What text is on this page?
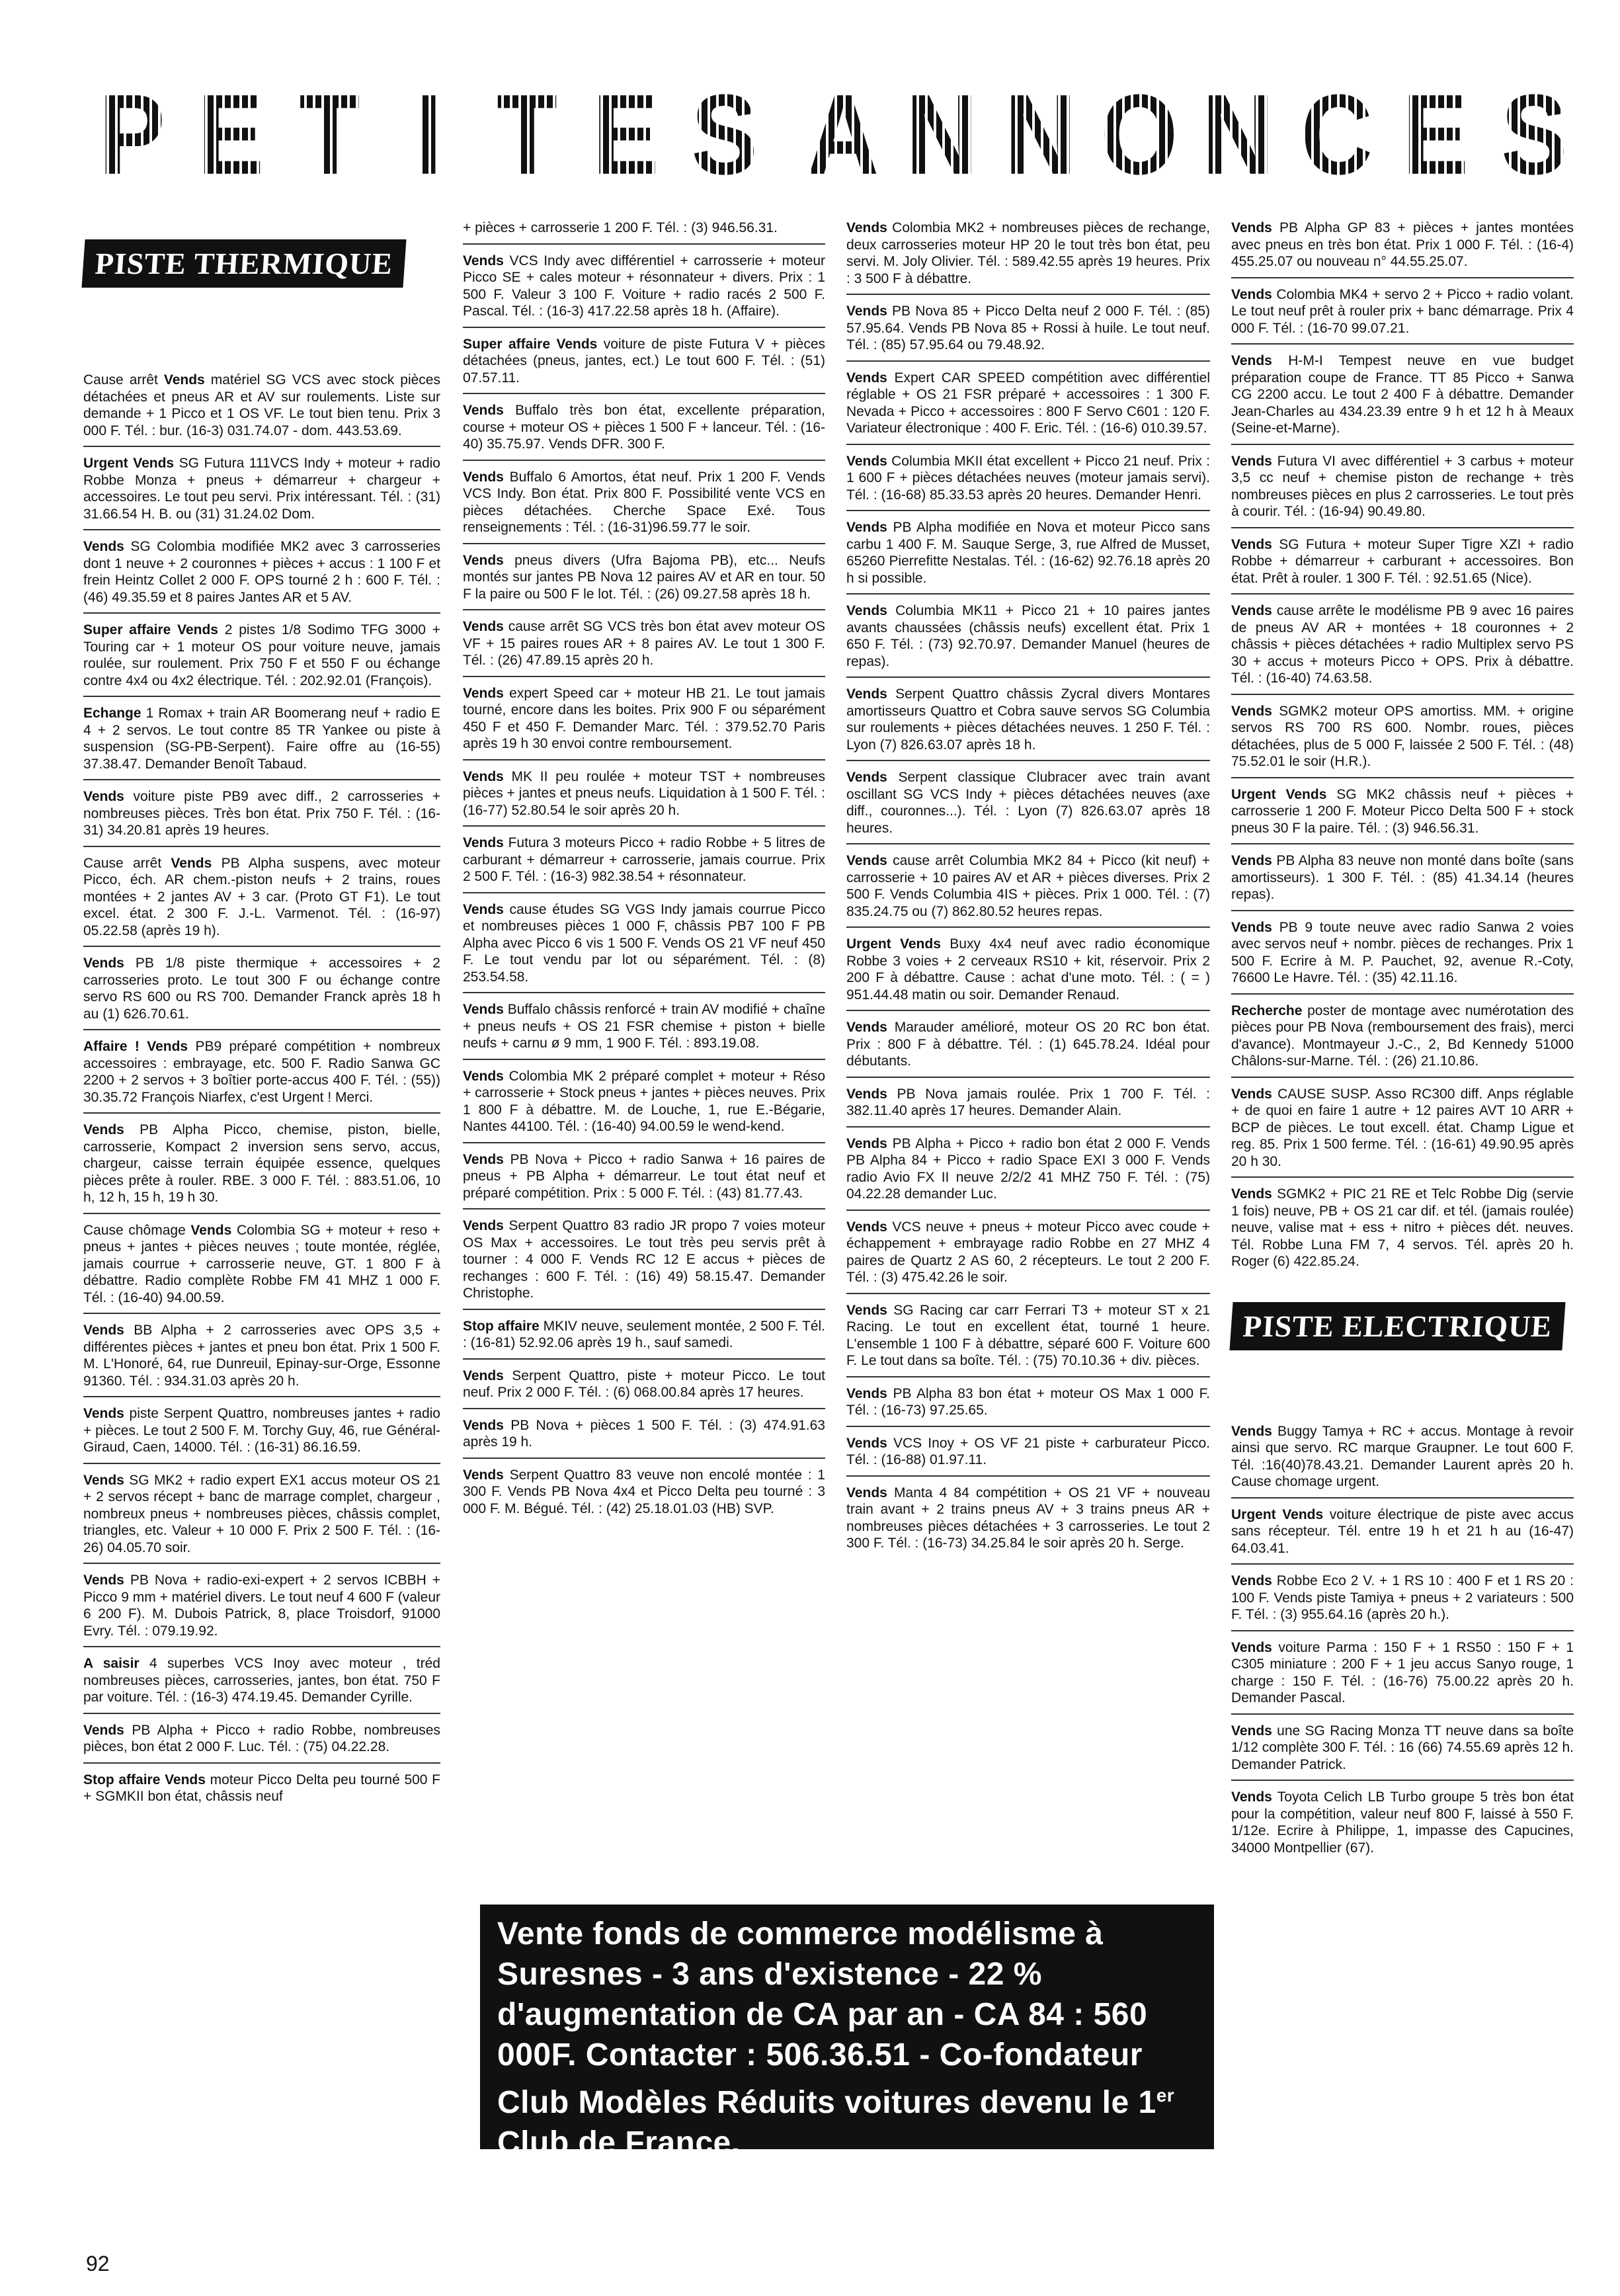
P E T I T E S A N N O N C E S
PISTE THERMIQUE

Cause arrêt Vends matériel SG VCS avec stock pièces détachées et pneus AR et AV sur roulements. Liste sur demande + 1 Picco et 1 OS VF. Le tout bien tenu. Prix 3 000 F. Tél. : bur. (16-3) 031.74.07 - dom. 443.53.69.

Urgent Vends SG Futura 111VCS Indy + moteur + radio Robbe Monza + pneus + démarreur + chargeur + accessoires. Le tout peu servi. Prix intéressant. Tél. : (31) 31.66.54 H. B. ou (31) 31.24.02 Dom.

Vends SG Colombia modifiée MK2 avec 3 carrosseries dont 1 neuve + 2 couronnes + pièces + accus : 1 100 F et frein Heintz Collet 2 000 F. OPS tourné 2 h : 600 F. Tél. : (46) 49.35.59 et 8 paires Jantes AR et 5 AV.

Super affaire Vends 2 pistes 1/8 Sodimo TFG 3000 + Touring car + 1 moteur OS pour voiture neuve, jamais roulée, sur roulement. Prix 750 F et 550 F ou échange contre 4x4 ou 4x2 électrique. Tél. : 202.92.01 (François).

Echange 1 Romax + train AR Boomerang neuf + radio E 4 + 2 servos. Le tout contre 85 TR Yankee ou piste à suspension (SG-PB-Serpent). Faire offre au (16-55) 37.38.47. Demander Benoît Tabaud.

Vends voiture piste PB9 avec diff., 2 carrosseries + nombreuses pièces. Très bon état. Prix 750 F. Tél. : (16-31) 34.20.81 après 19 heures.

Cause arrêt Vends PB Alpha suspens, avec moteur Picco, éch. AR chem.-piston neufs + 2 trains, roues montées + 2 jantes AV + 3 car. (Proto GT F1). Le tout excel. état. 2 300 F. J.-L. Varmenot. Tél. : (16-97) 05.22.58 (après 19 h).

Vends PB 1/8 piste thermique + accessoires + 2 carrosseries proto. Le tout 300 F ou échange contre servo RS 600 ou RS 700. Demander Franck après 18 h au (1) 626.70.61.

Affaire ! Vends PB9 préparé compétition + nombreux accessoires : embrayage, etc. 500 F. Radio Sanwa GC 2200 + 2 servos + 3 boîtier porte-accus 400 F. Tél. : (55)) 30.35.72 François Niarfex, c'est Urgent ! Merci.

Vends PB Alpha Picco, chemise, piston, bielle, carrosserie, Kompact 2 inversion sens servo, accus, chargeur, caisse terrain équipée essence, quelques pièces prête à rouler. RBE. 3 000 F. Tél. : 883.51.06, 10 h, 12 h, 15 h, 19 h 30.

Cause chômage Vends Colombia SG + moteur + reso + pneus + jantes + pièces neuves ; toute montée, réglée, jamais courrue + carrosserie neuve, GT. 1 800 F à débattre. Radio complète Robbe FM 41 MHZ 1 000 F. Tél. : (16-40) 94.00.59.

Vends BB Alpha + 2 carrosseries avec OPS 3,5 + différentes pièces + jantes et pneu bon état. Prix 1 500 F. M. L'Honoré, 64, rue Dunreuil, Epinay-sur-Orge, Essonne 91360. Tél. : 934.31.03 après 20 h.

Vends piste Serpent Quattro, nombreuses jantes + radio + pièces. Le tout 2 500 F. M. Torchy Guy, 46, rue Général-Giraud, Caen, 14000. Tél. : (16-31) 86.16.59.

Vends SG MK2 + radio expert EX1 accus moteur OS 21 + 2 servos récept + banc de marrage complet, chargeur , nombreux pneus + nombreuses pièces, châssis complet, triangles, etc. Valeur + 10 000 F. Prix 2 500 F. Tél. : (16-26) 04.05.70 soir.

Vends PB Nova + radio-exi-expert + 2 servos ICBBH + Picco 9 mm + matériel divers. Le tout neuf 4 600 F (valeur 6 200 F). M. Dubois Patrick, 8, place Troisdorf, 91000 Evry. Tél. : 079.19.92.

A saisir 4 superbes VCS Inoy avec moteur , tréd nombreuses pièces, carrosseries, jantes, bon état. 750 F par voiture. Tél. : (16-3) 474.19.45. Demander Cyrille.

Vends PB Alpha + Picco + radio Robbe, nombreuses pièces, bon état 2 000 F. Luc. Tél. : (75) 04.22.28.

Stop affaire Vends moteur Picco Delta peu tourné 500 F + SGMKII bon état, châssis neuf

+ pièces + carrosserie 1 200 F. Tél. : (3) 946.56.31.

Vends VCS Indy avec différentiel + carrosserie + moteur Picco SE + cales moteur + résonnateur + divers. Prix : 1 500 F. Valeur 3 100 F. Voiture + radio racés 2 500 F. Pascal. Tél. : (16-3) 417.22.58 après 18 h. (Affaire).

Super affaire Vends voiture de piste Futura V + pièces détachées (pneus, jantes, ect.) Le tout 600 F. Tél. : (51) 07.57.11.

Vends Buffalo très bon état, excellente préparation, course + moteur OS + pièces 1 500 F + lanceur. Tél. : (16-40) 35.75.97. Vends DFR. 300 F.

Vends Buffalo 6 Amortos, état neuf. Prix 1 200 F. Vends VCS Indy. Bon état. Prix 800 F. Possibilité vente VCS en pièces détachées. Cherche Space Exé. Tous renseignements : Tél. : (16-31)96.59.77 le soir.

Vends pneus divers (Ufra Bajoma PB), etc... Neufs montés sur jantes PB Nova 12 paires AV et AR en tour. 50 F la paire ou 500 F le lot. Tél. : (26) 09.27.58 après 18 h.

Vends cause arrêt SG VCS très bon état avev moteur OS VF + 15 paires roues AR + 8 paires AV. Le tout 1 300 F. Tél. : (26) 47.89.15 après 20 h.

Vends expert Speed car + moteur HB 21. Le tout jamais tourné, encore dans les boites. Prix 900 F ou séparément 450 F et 450 F. Demander Marc. Tél. : 379.52.70 Paris après 19 h 30 envoi contre remboursement.

Vends MK II peu roulée + moteur TST + nombreuses pièces + jantes et pneus neufs. Liquidation à 1 500 F. Tél. : (16-77) 52.80.54 le soir après 20 h.

Vends Futura 3 moteurs Picco + radio Robbe + 5 litres de carburant + démarreur + carrosserie, jamais courrue. Prix 2 500 F. Tél. : (16-3) 982.38.54 + résonnateur.

Vends cause études SG VGS Indy jamais courrue Picco et nombreuses pièces 1 000 F, châssis PB7 100 F PB Alpha avec Picco 6 vis 1 500 F. Vends OS 21 VF neuf 450 F. Le tout vendu par lot ou séparément. Tél. : (8) 253.54.58.

Vends Buffalo châssis renforcé + train AV modifié + chaîne + pneus neufs + OS 21 FSR chemise + piston + bielle neufs + carnu ø 9 mm, 1 900 F. Tél. : 893.19.08.

Vends Colombia MK 2 préparé complet + moteur + Réso + carrosserie + Stock pneus + jantes + pièces neuves. Prix 1 800 F à débattre. M. de Louche, 1, rue E.-Bégarie, Nantes 44100. Tél. : (16-40) 94.00.59 le wend-kend.

Vends PB Nova + Picco + radio Sanwa + 16 paires de pneus + PB Alpha + démarreur. Le tout état neuf et préparé compétition. Prix : 5 000 F. Tél. : (43) 81.77.43.

Vends Serpent Quattro 83 radio JR propo 7 voies moteur OS Max + accessoires. Le tout très peu servis prêt à tourner : 4 000 F. Vends RC 12 E accus + pièces de rechanges : 600 F. Tél. : (16) 49) 58.15.47. Demander Christophe.

Stop affaire MKIV neuve, seulement montée, 2 500 F. Tél. : (16-81) 52.92.06 après 19 h., sauf samedi.

Vends Serpent Quattro, piste + moteur Picco. Le tout neuf. Prix 2 000 F. Tél. : (6) 068.00.84 après 17 heures.

Vends PB Nova + pièces 1 500 F. Tél. : (3) 474.91.63 après 19 h.

Vends Serpent Quattro 83 veuve non encolé montée : 1 300 F. Vends PB Nova 4x4 et Picco Delta peu tourné : 3 000 F. M. Bégué. Tél. : (42) 25.18.01.03 (HB) SVP.

Vends Colombia MK2 + nombreuses pièces de rechange, deux carrosseries moteur HP 20 le tout très bon état, peu servi. M. Joly Olivier. Tél. : 589.42.55 après 19 heures. Prix : 3 500 F à débattre.

Vends PB Nova 85 + Picco Delta neuf 2 000 F. Tél. : (85) 57.95.64. Vends PB Nova 85 + Rossi à huile. Le tout neuf. Tél. : (85) 57.95.64 ou 79.48.92.

Vends Expert CAR SPEED compétition avec différentiel réglable + OS 21 FSR préparé + accessoires : 1 300 F. Nevada + Picco + accessoires : 800 F Servo C601 : 120 F. Variateur électronique : 400 F. Eric. Tél. : (16-6) 010.39.57.

Vends Columbia MKII état excellent + Picco 21 neuf. Prix : 1 600 F + pièces détachées neuves (moteur jamais servi). Tél. : (16-68) 85.33.53 après 20 heures. Demander Henri.

Vends PB Alpha modifiée en Nova et moteur Picco sans carbu 1 400 F. M. Sauque Serge, 3, rue Alfred de Musset, 65260 Pierrefitte Nestalas. Tél. : (16-62) 92.76.18 après 20 h si possible.

Vends Columbia MK11 + Picco 21 + 10 paires jantes avants chaussées (châssis neufs) excellent état. Prix 1 650 F. Tél. : (73) 92.70.97. Demander Manuel (heures de repas).

Vends Serpent Quattro châssis Zycral divers Montares amortisseurs Quattro et Cobra sauve servos SG Columbia sur roulements + pièces détachées neuves. 1 250 F. Tél. : Lyon (7) 826.63.07 après 18 h.

Vends Serpent classique Clubracer avec train avant oscillant SG VCS Indy + pièces détachées neuves (axe diff., couronnes...). Tél. : Lyon (7) 826.63.07 après 18 heures.

Vends cause arrêt Columbia MK2 84 + Picco (kit neuf) + carrosserie + 10 paires AV et AR + pièces diverses. Prix 2 500 F. Vends Columbia 4IS + pièces. Prix 1 000. Tél. : (7) 835.24.75 ou (7) 862.80.52 heures repas.

Urgent Vends Buxy 4x4 neuf avec radio économique Robbe 3 voies + 2 cerveaux RS10 + kit, réservoir. Prix 2 200 F à débattre. Cause : achat d'une moto. Tél. : ( = ) 951.44.48 matin ou soir. Demander Renaud.

Vends Marauder amélioré, moteur OS 20 RC bon état. Prix : 800 F à débattre. Tél. : (1) 645.78.24. Idéal pour débutants.

Vends PB Nova jamais roulée. Prix 1 700 F. Tél. : 382.11.40 après 17 heures. Demander Alain.

Vends PB Alpha + Picco + radio bon état 2 000 F. Vends PB Alpha 84 + Picco + radio Space EXI 3 000 F. Vends radio Avio FX II neuve 2/2/2 41 MHZ 750 F. Tél. : (75) 04.22.28 demander Luc.

Vends VCS neuve + pneus + moteur Picco avec coude + échappement + embrayage radio Robbe en 27 MHZ 4 paires de Quartz 2 AS 60, 2 récepteurs. Le tout 2 200 F. Tél. : (3) 475.42.26 le soir.

Vends SG Racing car carr Ferrari T3 + moteur ST x 21 Racing. Le tout en excellent état, tourné 1 heure. L'ensemble 1 100 F à débattre, séparé 600 F. Voiture 600 F. Le tout dans sa boîte. Tél. : (75) 70.10.36 + div. pièces.

Vends PB Alpha 83 bon état + moteur OS Max 1 000 F. Tél. : (16-73) 97.25.65.

Vends VCS Inoy + OS VF 21 piste + carburateur Picco. Tél. : (16-88) 01.97.11.

Vends Manta 4 84 compétition + OS 21 VF + nouveau train avant + 2 trains pneus AV + 3 trains pneus AR + nombreuses pièces détachées + 3 carrosseries. Le tout 2 300 F. Tél. : (16-73) 34.25.84 le soir après 20 h. Serge.

Vends PB Alpha GP 83 + pièces + jantes montées avec pneus en très bon état. Prix 1 000 F. Tél. : (16-4) 455.25.07 ou nouveau n° 44.55.25.07.

Vends Colombia MK4 + servo 2 + Picco + radio volant. Le tout neuf prêt à rouler prix + banc démarrage. Prix 4 000 F. Tél. : (16-70 99.07.21.

Vends H-M-I Tempest neuve en vue budget préparation coupe de France. TT 85 Picco + Sanwa CG 2200 accu. Le tout 2 400 F à débattre. Demander Jean-Charles au 434.23.39 entre 9 h et 12 h à Meaux (Seine-et-Marne).

Vends Futura VI avec différentiel + 3 carbus + moteur 3,5 cc neuf + chemise piston de rechange + très nombreuses pièces en plus 2 carrosseries. Le tout près à courir. Tél. : (16-94) 90.49.80.

Vends SG Futura + moteur Super Tigre XZI + radio Robbe + démarreur + carburant + accessoires. Bon état. Prêt à rouler. 1 300 F. Tél. : 92.51.65 (Nice).

Vends cause arrête le modélisme PB 9 avec 16 paires de pneus AV AR + montées + 18 couronnes + 2 châssis + pièces détachées + radio Multiplex servo PS 30 + accus + moteurs Picco + OPS. Prix à débattre. Tél. : (16-40) 74.63.58.

Vends SGMK2 moteur OPS amortiss. MM. + origine servos RS 700 RS 600. Nombr. roues, pièces détachées, plus de 5 000 F, laissée 2 500 F. Tél. : (48) 75.52.01 le soir (H.R.).

Urgent Vends SG MK2 châssis neuf + pièces + carrosserie 1 200 F. Moteur Picco Delta 500 F + stock pneus 30 F la paire. Tél. : (3) 946.56.31.

Vends PB Alpha 83 neuve non monté dans boîte (sans amortisseurs). 1 300 F. Tél. : (85) 41.34.14 (heures repas).

Vends PB 9 toute neuve avec radio Sanwa 2 voies avec servos neuf + nombr. pièces de rechanges. Prix 1 500 F. Ecrire à M. P. Pauchet, 92, avenue R.-Coty, 76600 Le Havre. Tél. : (35) 42.11.16.

Recherche poster de montage avec numérotation des pièces pour PB Nova (remboursement des frais), merci d'avance). Montmayeur J.-C., 2, Bd Kennedy 51000 Châlons-sur-Marne. Tél. : (26) 21.10.86.

Vends CAUSE SUSP. Asso RC300 diff. Anps réglable + de quoi en faire 1 autre + 12 paires AVT 10 ARR + BCP de pièces. Le tout excell. état. Champ Ligue et reg. 85. Prix 1 500 ferme. Tél. : (16-61) 49.90.95 après 20 h 30.

Vends SGMK2 + PIC 21 RE et Telc Robbe Dig (servie 1 fois) neuve, PB + OS 21 car dif. et tél. (jamais roulée) neuve, valise mat + ess + nitro + pièces dét. neuves. Tél. Robbe Luna FM 7, 4 servos. Tél. après 20 h. Roger (6) 422.85.24.

PISTE ELECTRIQUE

Vends Buggy Tamya + RC + accus. Montage à revoir ainsi que servo. RC marque Graupner. Le tout 600 F. Tél. :16(40)78.43.21. Demander Laurent après 20 h. Cause chomage urgent.

Urgent Vends voiture électrique de piste avec accus sans récepteur. Tél. entre 19 h et 21 h au (16-47) 64.03.41.

Vends Robbe Eco 2 V. + 1 RS 10 : 400 F et 1 RS 20 : 100 F. Vends piste Tamiya + pneus + 2 variateurs : 500 F. Tél. : (3) 955.64.16 (après 20 h.).

Vends voiture Parma : 150 F + 1 RS50 : 150 F + 1 C305 miniature : 200 F + 1 jeu accus Sanyo rouge, 1 charge : 150 F. Tél. : (16-76) 75.00.22 après 20 h. Demander Pascal.

Vends une SG Racing Monza TT neuve dans sa boîte 1/12 complète 300 F. Tél. : 16 (66) 74.55.69 après 12 h. Demander Patrick.

Vends Toyota Celich LB Turbo groupe 5 très bon état pour la compétition, valeur neuf 800 F, laissé à 550 F. 1/12e. Ecrire à Philippe, 1, impasse des Capucines, 34000 Montpellier (67).

Vente fonds de commerce modélisme à Suresnes - 3 ans d'existence - 22 % d'augmentation de CA par an - CA 84 : 560 000F. Contacter : 506.36.51 - Co-fondateur Club Modèles Réduits voitures devenu le 1er Club de France.
92
